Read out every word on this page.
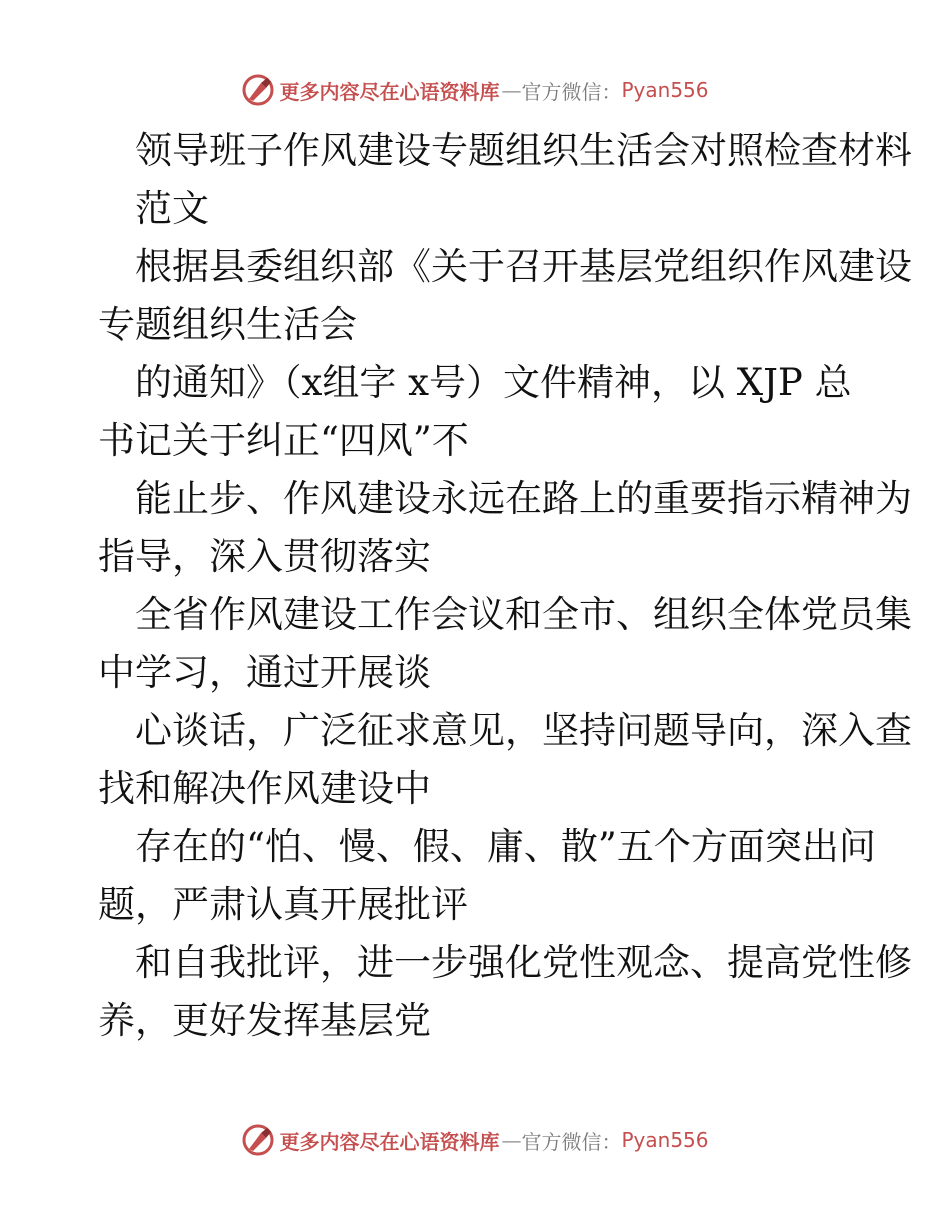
更多内容尽在心语资料库 — 官方微信： Pyan556
领导班子作风建设专题组织生活会对照检查材料
范文
根据县委组织部《关于召开基层党组织作风建设
专题组织生活会
的通知》（x组字 x号）文件精神，以 XJP 总
书记关于纠正“四风”不
能止步、作风建设永远在路上的重要指示精神为
指导，深入贯彻落实
全省作风建设工作会议和全市、组织全体党员集
中学习，通过开展谈
心谈话，广泛征求意见，坚持问题导向，深入查
找和解决作风建设中
存在的“怕、慢、假、庸、散”五个方面突出问
题，严肃认真开展批评
和自我批评，进一步强化党性观念、提高党性修
养，更好发挥基层党
更多内容尽在心语资料库 — 官方微信： Pyan556
